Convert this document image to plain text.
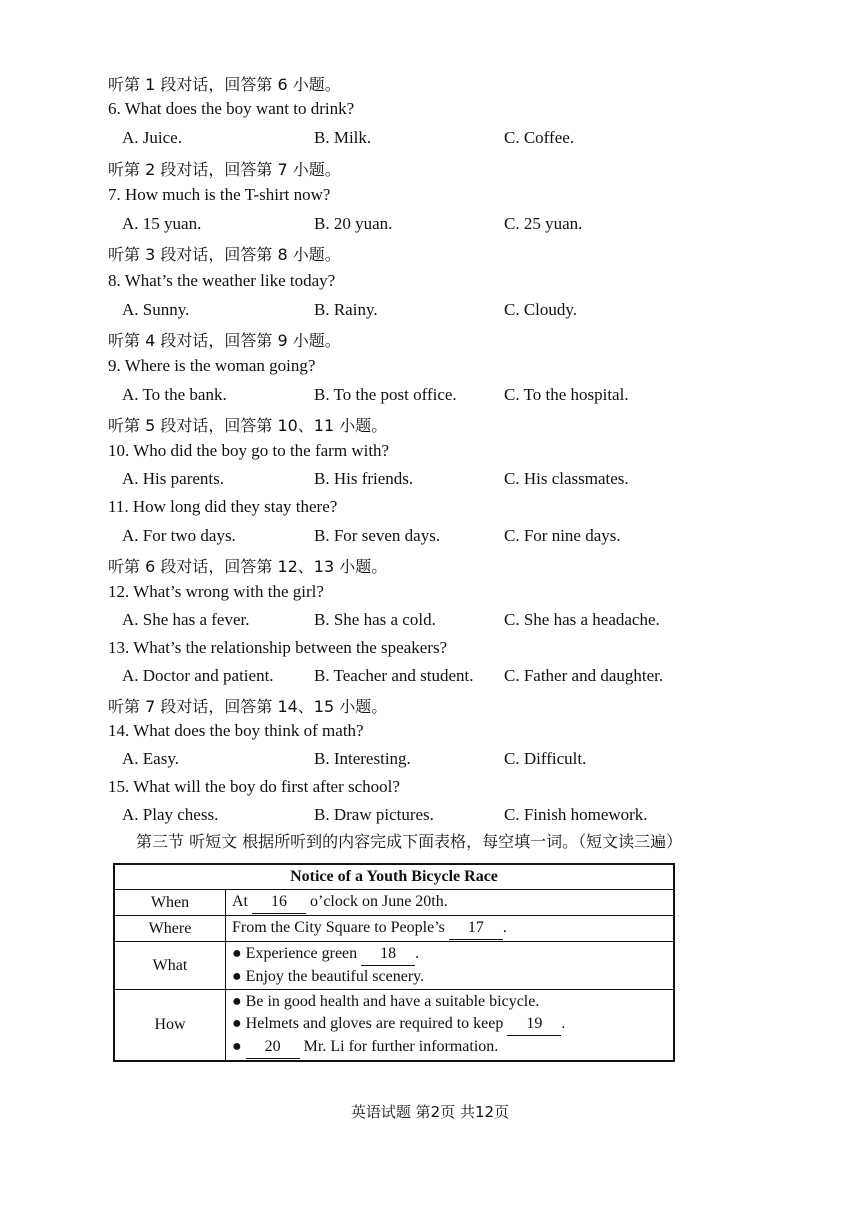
听第 1 段对话，回答第 6 小题。
6. What does the boy want to drink?
A. Juice.	B. Milk.	C. Coffee.
听第 2 段对话，回答第 7 小题。
7. How much is the T-shirt now?
A. 15 yuan.	B. 20 yuan.	C. 25 yuan.
听第 3 段对话，回答第 8 小题。
8. What’s the weather like today?
A. Sunny.	B. Rainy.	C. Cloudy.
听第 4 段对话，回答第 9 小题。
9. Where is the woman going?
A. To the bank.	B. To the post office.	C. To the hospital.
听第 5 段对话，回答第 10、11 小题。
10. Who did the boy go to the farm with?
A. His parents.	B. His friends.	C. His classmates.
11. How long did they stay there?
A. For two days.	B. For seven days.	C. For nine days.
听第 6 段对话，回答第 12、13 小题。
12. What’s wrong with the girl?
A. She has a fever.	B. She has a cold.	C. She has a headache.
13. What’s the relationship between the speakers?
A. Doctor and patient. B. Teacher and student. C. Father and daughter.
听第 7 段对话，回答第 14、15 小题。
14. What does the boy think of math?
A. Easy.	B. Interesting.	C. Difficult.
15. What will the boy do first after school?
A. Play chess.	B. Draw pictures.	C. Finish homework.
第三节 听短文 根据所听到的内容完成下面表格，每空填一词。（短文读三遍）
Notice of a Youth Bicycle Race	
When	At 16 o’clock on June 20th.
Where	From the City Square to People’s 17 .
What	● Experience green 18 .
● Enjoy the beautiful scenery.

How	● Be in good health and have a suitable bicycle.
● Helmets and gloves are required to keep 19 .
● 20 Mr. Li for further information.
英语试题 第2页 共12页
